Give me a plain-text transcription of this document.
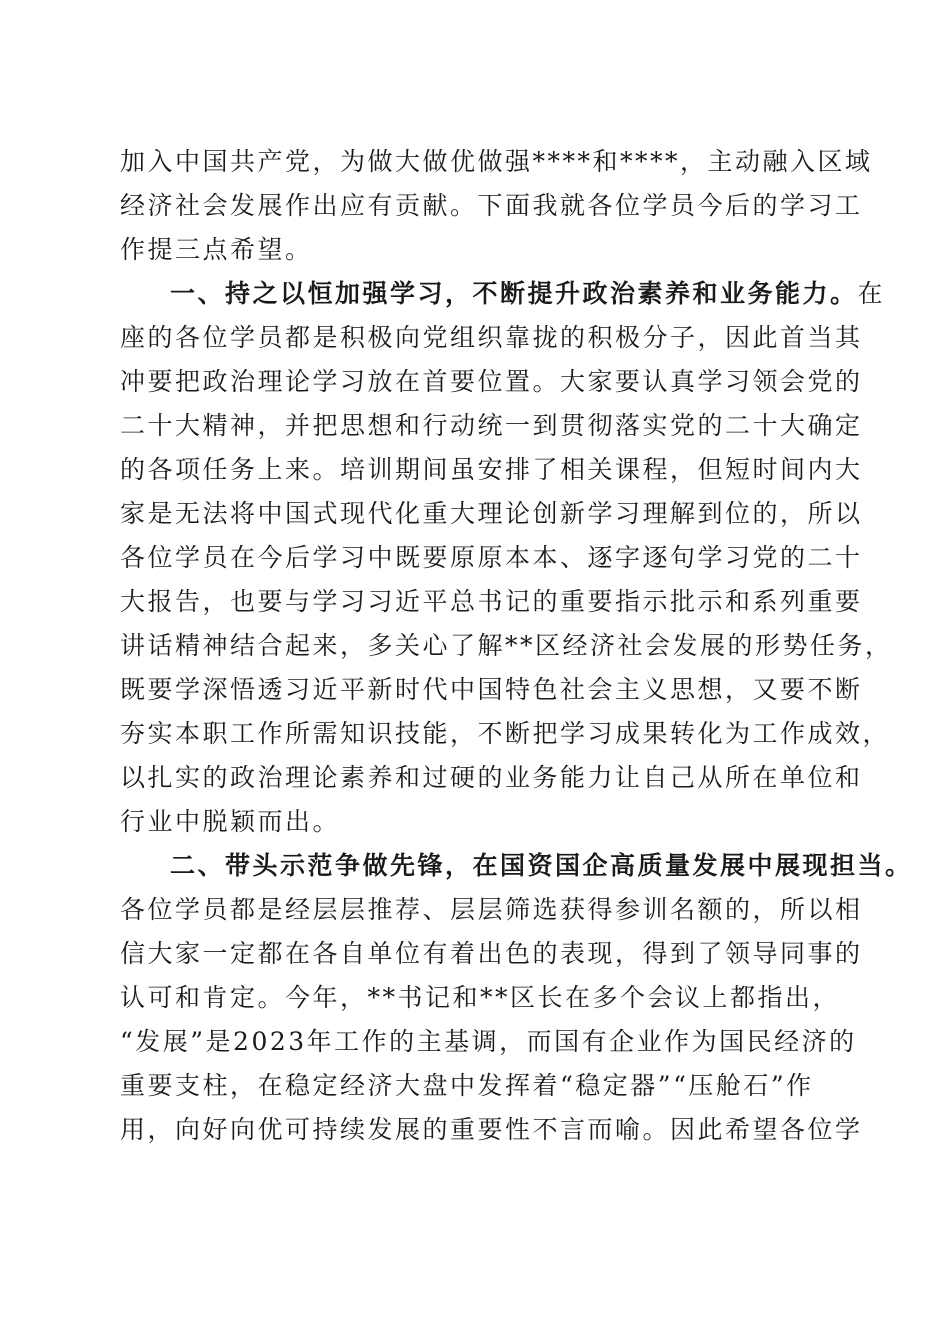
加入中国共产党，为做大做优做强****和****，主动融入区域
经济社会发展作出应有贡献。下面我就各位学员今后的学习工
作提三点希望。
一、持之以恒加强学习，不断提升政治素养和业务能力。在
座的各位学员都是积极向党组织靠拢的积极分子，因此首当其
冲要把政治理论学习放在首要位置。大家要认真学习领会党的
二十大精神，并把思想和行动统一到贯彻落实党的二十大确定
的各项任务上来。培训期间虽安排了相关课程，但短时间内大
家是无法将中国式现代化重大理论创新学习理解到位的，所以
各位学员在今后学习中既要原原本本、逐字逐句学习党的二十
大报告，也要与学习习近平总书记的重要指示批示和系列重要
讲话精神结合起来，多关心了解**区经济社会发展的形势任务，
既要学深悟透习近平新时代中国特色社会主义思想，又要不断
夯实本职工作所需知识技能，不断把学习成果转化为工作成效，
以扎实的政治理论素养和过硬的业务能力让自己从所在单位和
行业中脱颖而出。
二、带头示范争做先锋，在国资国企高质量发展中展现担当。
各位学员都是经层层推荐、层层筛选获得参训名额的，所以相
信大家一定都在各自单位有着出色的表现，得到了领导同事的
认可和肯定。今年，**书记和**区长在多个会议上都指出，
“发展”是2023年工作的主基调，而国有企业作为国民经济的
重要支柱，在稳定经济大盘中发挥着“稳定器”“压舱石”作
用，向好向优可持续发展的重要性不言而喻。因此希望各位学
